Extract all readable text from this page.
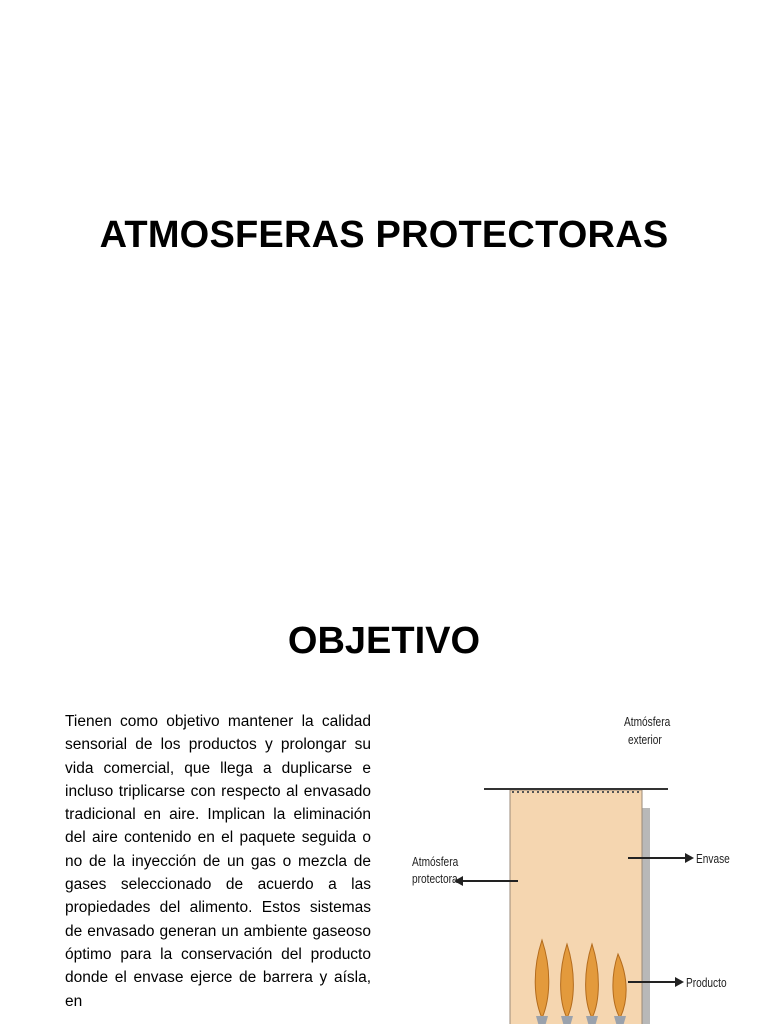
ATMOSFERAS PROTECTORAS
OBJETIVO
Tienen como objetivo mantener la calidad sensorial de los productos y prolongar su vida comercial, que llega a duplicarse e incluso triplicarse con respecto al envasado tradicional en aire. Implican la eliminación del aire contenido en el paquete seguida o no de la inyección de un gas o mezcla de gases seleccionado de acuerdo a las propiedades del alimento. Estos sistemas de envasado generan un ambiente gaseoso óptimo para la conservación del producto donde el envase ejerce de barrera y aísla, en
Atmósfera
exterior
Atmósfera
protectora
Envase
Producto
